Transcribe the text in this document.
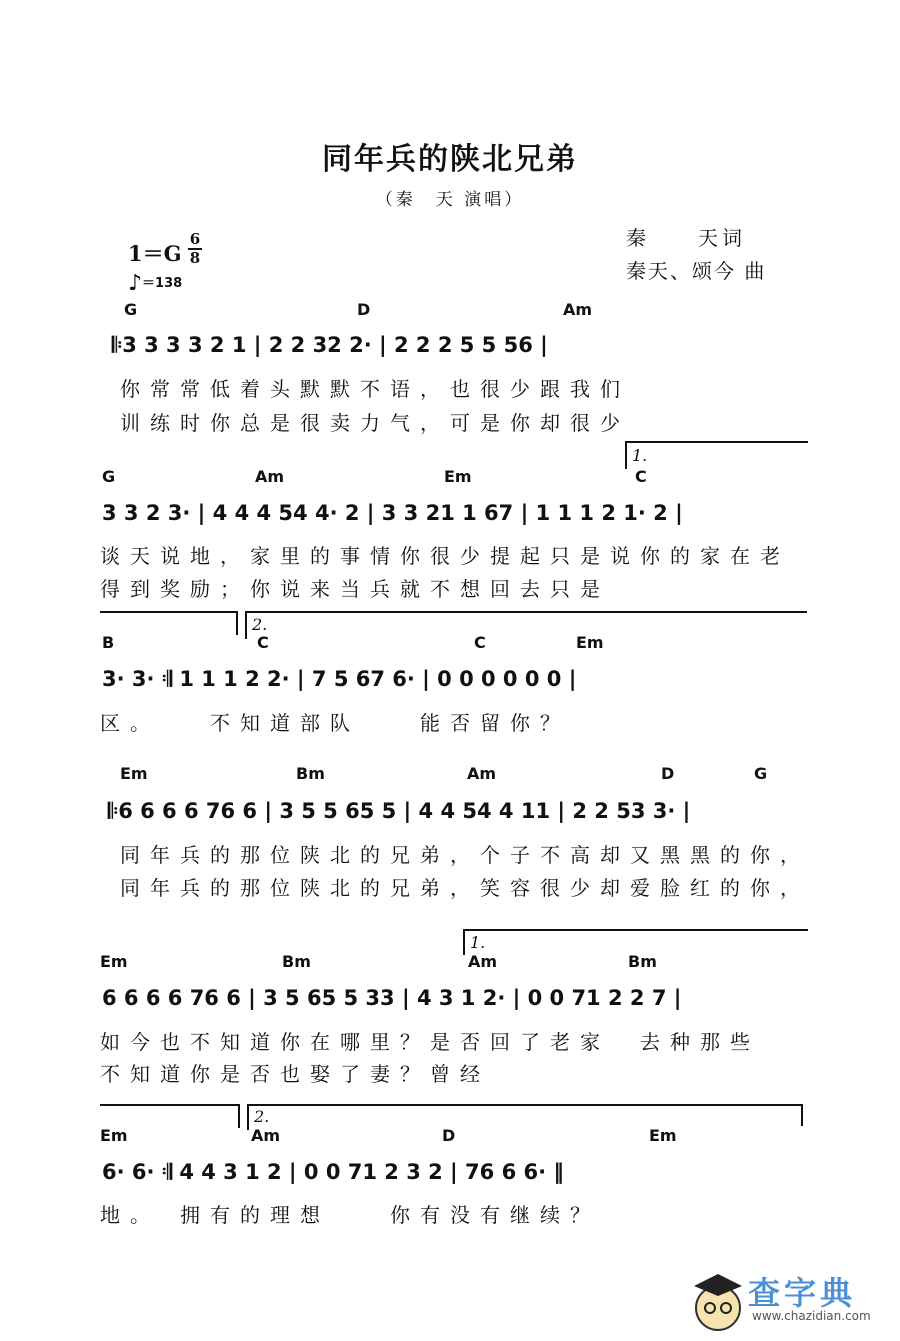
同年兵的陕北兄弟
（秦　天 演唱）
秦　　天词
秦天、颂今 曲
1＝G
6
8
♪＝138
G	D	Am
𝄆3 3 3 3 2 1 | 2 2 32 2· | 2 2 2 5 5 56 |
你常常低着头默默不语，也很少跟我们
训练时你总是很卖力气，可是你却很少
1.
G	Am	Em	C
3 3 2 3· | 4 4 4 54 4· 2 | 3 3 21 1 67 | 1 1 1 2 1· 2 |
谈天说地，家里的事情你很少提起只是说你的家在老
得到奖励；你说来当兵就不想回去只是
2.
B	C	C	Em
3· 3· 𝄇 1 1 1 2 2· | 7 5 67 6· | 0 0 0 0 0 0 |
区。　　不知道部队　　能否留你？
Em	Bm	Am	D	G
𝄆6 6 6 6 76 6 | 3 5 5 65 5 | 4 4 54 4 11 | 2 2 53 3· |
同年兵的那位陕北的兄弟，个子不高却又黑黑的你，
同年兵的那位陕北的兄弟，笑容很少却爱脸红的你，
1.
Em	Bm	Am	Bm
6 6 6 6 76 6 | 3 5 65 5 33 | 4 3 1 2· | 0 0 71 2 2 7 |
如今也不知道你在哪里？是否回了老家　去种那些
不知道你是否也娶了妻？曾经
2.
Em	Am	D	Em
6· 6· 𝄇 4 4 3 1 2 | 0 0 71 2 3 2 | 76 6 6· ‖
地。　拥有的理想　　你有没有继续？
查字典
www.chazidian.com
